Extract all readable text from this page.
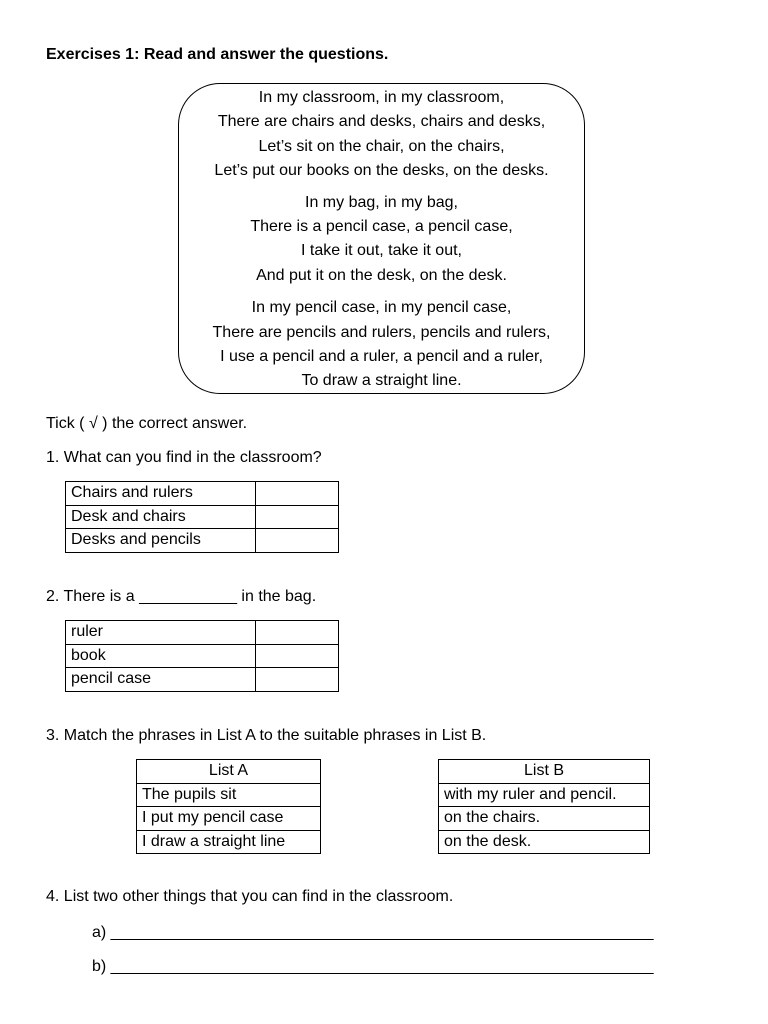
Exercises 1: Read and answer the questions.
In my classroom, in my classroom,
There are chairs and desks, chairs and desks,
Let’s sit on the chair, on the chairs,
Let’s put our books on the desks, on the desks.
In my bag, in my bag,
There is a pencil case, a pencil case,
I take it out, take it out,
And put it on the desk, on the desk.
In my pencil case, in my pencil case,
There are pencils and rulers, pencils and rulers,
I use a pencil and a ruler, a pencil and a ruler,
To draw a straight line.
Tick ( √ ) the correct answer.
1. What can you find in the classroom?
Chairs and rulers	
Desk and chairs	
Desks and pencils	
2. There is a ___________ in the bag.
ruler	
book	
pencil case	
3. Match the phrases in List A to the suitable phrases in List B.
List A
The pupils sit
I put my pencil case
I draw a straight line
List B
with my ruler and pencil.
on the chairs.
on the desk.
4. List two other things that you can find in the classroom.
a) _____________________________________________________________
b) _____________________________________________________________
